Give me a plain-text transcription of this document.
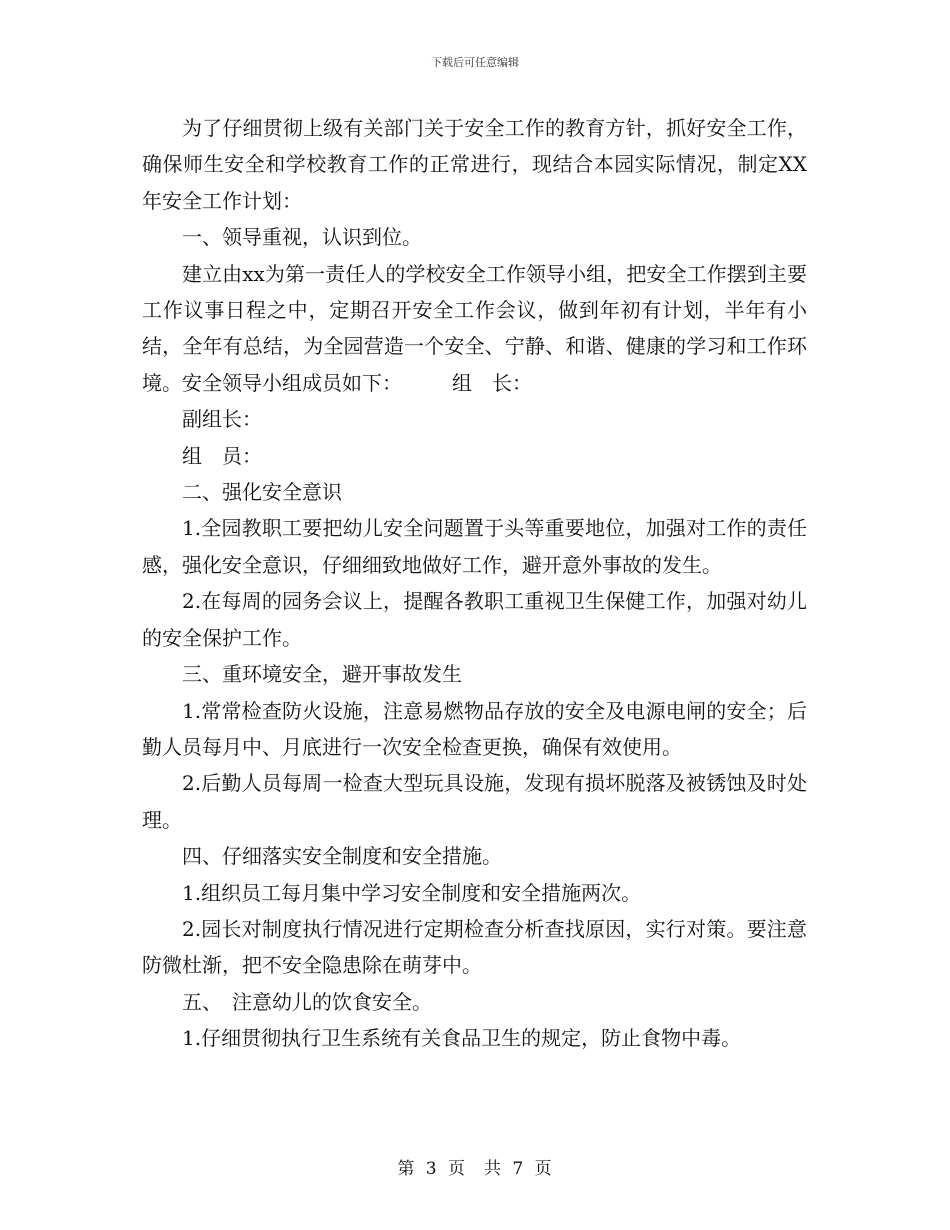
下载后可任意编辑

为了仔细贯彻上级有关部门关于安全工作的教育方针，抓好安全工作，确保师生安全和学校教育工作的正常进行，现结合本园实际情况，制定XX年安全工作计划：

一、领导重视，认识到位。

建立由xx为第一责任人的学校安全工作领导小组，把安全工作摆到主要工作议事日程之中，定期召开安全工作会议，做到年初有计划，半年有小结，全年有总结，为全园营造一个安全、宁静、和谐、健康的学习和工作环境。安全领导小组成员如下：　　　组　长：

副组长：

组　员：

二、强化安全意识

1.全园教职工要把幼儿安全问题置于头等重要地位，加强对工作的责任感，强化安全意识，仔细细致地做好工作，避开意外事故的发生。

2.在每周的园务会议上，提醒各教职工重视卫生保健工作，加强对幼儿的安全保护工作。

三、重环境安全，避开事故发生

1.常常检查防火设施，注意易燃物品存放的安全及电源电闸的安全；后勤人员每月中、月底进行一次安全检查更换，确保有效使用。

2.后勤人员每周一检查大型玩具设施，发现有损坏脱落及被锈蚀及时处理。

四、仔细落实安全制度和安全措施。

1.组织员工每月集中学习安全制度和安全措施两次。

2.园长对制度执行情况进行定期检查分析查找原因，实行对策。要注意防微杜渐，把不安全隐患除在萌芽中。

五、　注意幼儿的饮食安全。

1.仔细贯彻执行卫生系统有关食品卫生的规定，防止食物中毒。

第 3 页　共 7 页
